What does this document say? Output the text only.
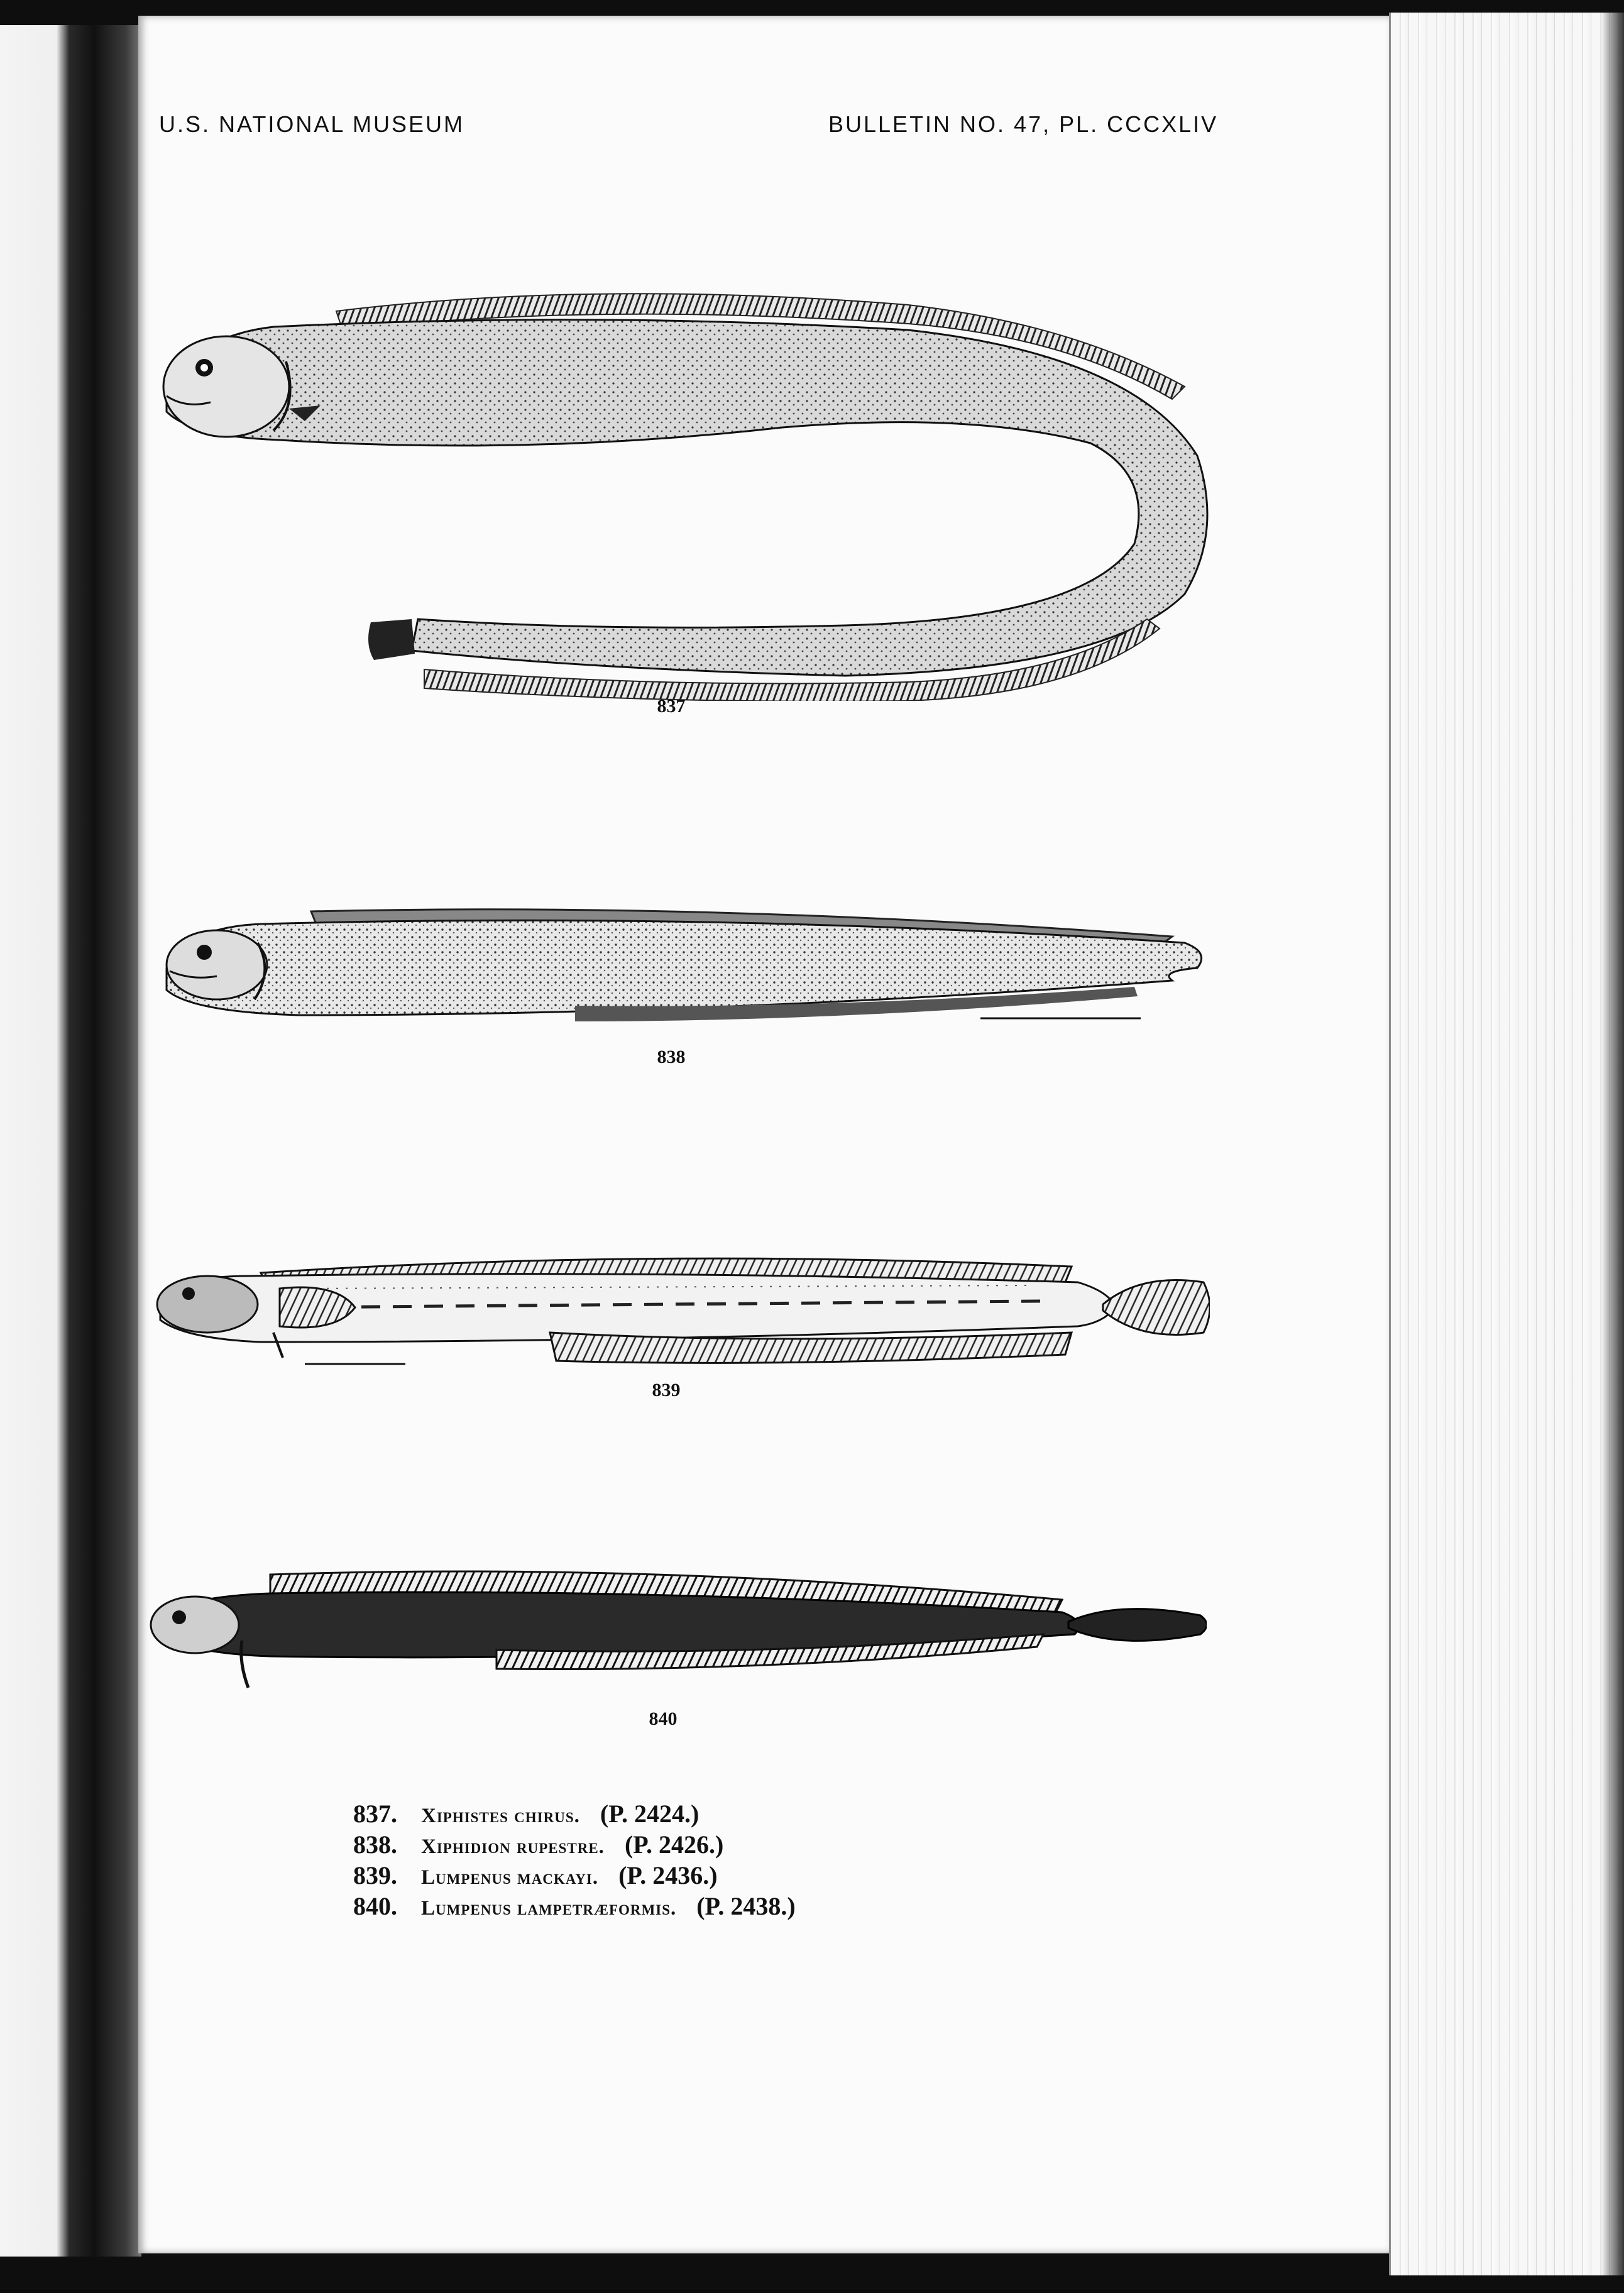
U.S. NATIONAL MUSEUM	BULLETIN NO. 47, PL. CCCXLIV
837
838
839
840
837. Xiphistes chirus. (P. 2424.)
838. Xiphidion rupestre. (P. 2426.)
839. Lumpenus mackayi. (P. 2436.)
840. Lumpenus lampetræformis. (P. 2438.)
